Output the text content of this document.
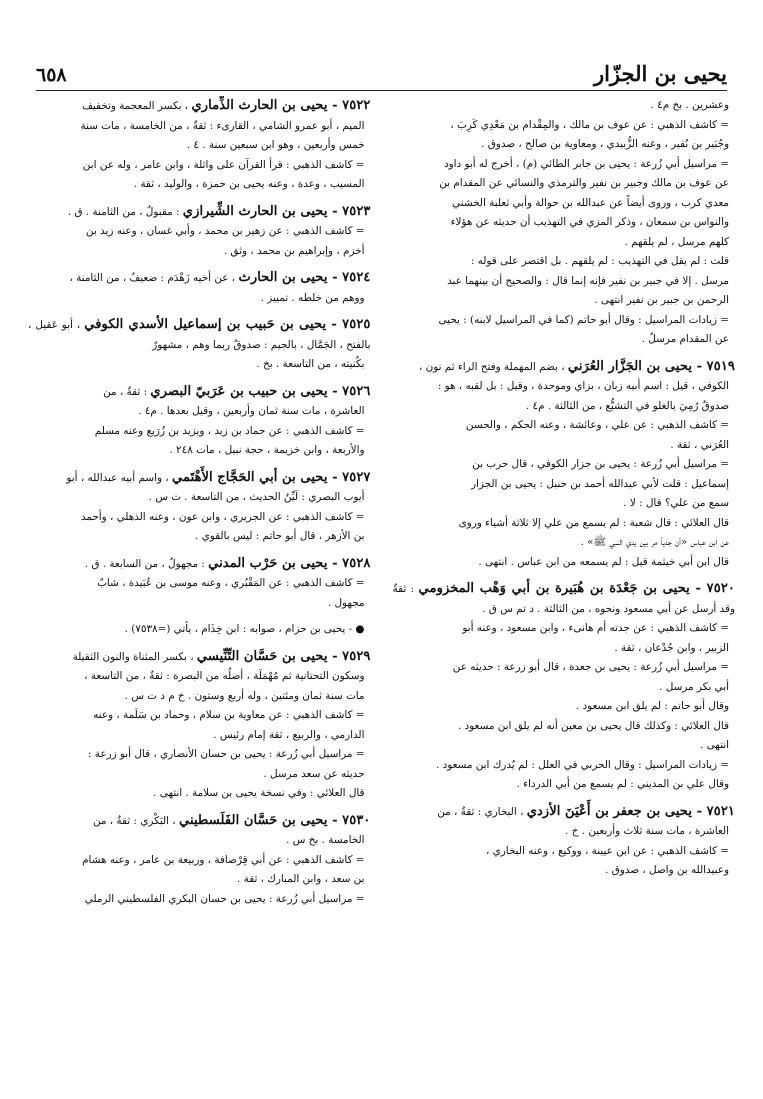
يحيى بن الجزّار
٦٥٨

وعشرين . بخ م٤ .

= كاشف الذهبي : عن عوف بن مالك ، والمِقْدام بن مَعْدِي كَرِبَ ،

وجُبَير بن نُفير ، وعنه الزُّبيدي ، ومعاوية بن صالح ، صدوق .

= مراسيل أبي زُرعة : يحيى بن جابر الطائي (م) ، أخرج له أبو داود

عن عوف بن مالك وجبير بن نفير والترمذي والنسائي عن المقدام بن

معدي كرب ، وروى أيضاً عن عبدالله بن حوالة وأبي ثعلبة الخشني

والنواس بن سمعان ، وذكر المزي في التهذيب أن حديثه عن هؤلاء

كلهم مرسل ، لم يلقهم .

قلت : لم يقل في التهذيب : لم يلقهم . بل اقتصر على قوله :

مرسل . إلا في جبير بن نفير فإنه إنما قال : والصحيح أن بينهما عبد

الرحمن بن جبير بن نفير انتهى .

= زيادات المراسيل : وقال أبو حاتم (كما في المراسيل لابنه) : يحيى

عن المقدام مرسلٌ .

٧٥١٩ - يحيى بن الجَزَّار العُرَني ، بضم المهملة وفتح الراء ثم نون ،

الكوفي ، قيل : اسم أبيه زبان ، بزاي وموحدة ، وقيل : بل لقبه ، هو :

صدوقٌ رُمِيَ بالغلو في التشيُّع ، من الثالثة . م٤ .

= كاشف الذهبي : عن علي ، وعائشة ، وعنه الحكم ، والحسن

العُرَني ، ثقة .

= مراسيل أبي زُرعة : يحيى بن جزار الكوفي ، قال حرب بن

إسماعيل : قلت لأبي عبدالله أحمد بن حنبل : يحيى بن الجزار

سمع من علي؟ قال : لا .

قال العلائي : قال شعبة : لم يسمع من علي إلا ثلاثة أشياء وروى

عن ابن عباس «أن جدياً مر بين يدي النبي ﷺ» .

قال ابن أبي خيثمة قيل : لم يسمعه من ابن عباس . انتهى .

٧٥٢٠ - يحيى بن جَعْدَة بن هُبَيرة بن أبي وَهْب المخزومي : ثقةٌ وقد أرسل عن أبي مسعود ونحوه ، من الثالثة . د تم س ق .

= كاشف الذهبي : عن جدته أم هانىء ، وابن مسعود ، وعنه أبو

الزبير ، وابن جُدْعان ، ثقة .

= مراسيل أبي زُرعة : يحيى بن جعدة ، قال أبو زرعة : حديثه عن

أبي بكر مرسل .

وقال أبو حاتم : لم يلق ابن مسعود .

قال العلائي : وكذلك قال يحيى بن معين أنه لم يلق ابن مسعود .

انتهى .

= زيادات المراسيل : وقال الحربي في العلل : لم يُدرك ابن مسعود .

وقال علي بن المديني : لم يسمع من أبي الدرداء .

٧٥٢١ - يحيى بن جعفر بن أَعْيَنَ الأزدي ، البخاري : ثقةٌ ، من

العاشرة ، مات سنة ثلاث وأربعين . خ .

= كاشف الذهبي : عن ابن عيينة ، ووكيع ، وعنه البخاري ،

وعبيدالله بن واصل ، صدوق .

٧٥٢٢ - يحيى بن الحارث الذِّماري ، بكسر المعجمة وتخفيف

الميم ، أبو عمرو الشامي ، القارىء : ثقةٌ ، من الخامسة ، مات سنة

خمس وأربعين ، وهو ابن سبعين سنة . ٤ .

= كاشف الذهبي : قرأ القرآن على واثلة ، وابن عامر ، وله عن ابن

المسيب ، وعدة ، وعنه يحيى بن حمزة ، والوليد ، ثقة .

٧٥٢٣ - يحيى بن الحارث الشِّيرازي : مقبولٌ ، من الثامنة . ق .

= كاشف الذهبي : عن زهير بن محمد ، وأبي غسان ، وعنه زيد بن

أخزم ، وإبراهيم بن محمد ، وثق .

٧٥٢٤ - يحيى بن الحارث ، عن أخيه زَهْدَم : ضعيفٌ ، من الثامنة ،

ووهم من خلطه . تمييز .

٧٥٢٥ - يحيى بن حَبيب بن إسماعيل الأسدي الكوفي ، أبو عَقيل ، بالفتح ، الجَمَّال ، بالجيم : صدوقٌ ربما وهم ، مشهورٌ

بكُنيته ، من التاسعة . بخ .

٧٥٢٦ - يحيى بن حبيب بن عَرَبيّ البصري : ثقةٌ ، من

العاشرة ، مات سنة ثمان وأربعين ، وقيل بعدها . م٤ .

= كاشف الذهبي : عن حماد بن زيد ، ويزيد بن زُرَيع وعنه مسلم

والأربعة ، وابن خزيمة ، حجة نبيل ، مات ٢٤٨ .

٧٥٢٧ - يحيى بن أبي الحَجَّاج الأَهْتَمي ، واسم أبيه عبدالله ، أبو

أيوب البصري : لَيِّنُ الحديث ، من التاسعة . ت س .

= كاشف الذهبي : عن الجريري ، وابن عون ، وعنه الذهلي ، وأحمد

بن الأزهر ، قال أبو حاتم : ليس بالقوي .

٧٥٢٨ - يحيى بن حَرْب المدني : مجهولٌ ، من السابعة . ق .

= كاشف الذهبي : عن المَقْبُري ، وعنه موسى بن عُبَيدة ، شابٌ

مجهول .

● - يحيى بن حزام ، صوابه : ابن خِذَام ، يأتي (=٧٥٣٨) .

٧٥٢٩ - يحيى بن حَسَّان التِّنِّيسي ، بكسر المثناة والنون الثقيلة

وسكون التحتانية ثم مُهْمَلَة ، أصلُه من البصرة : ثقةٌ ، من التاسعة ،

مات سنة ثمان ومئتين ، وله أربع وستون . خ م د ت س .

= كاشف الذهبي : عن معاوية بن سلام ، وحماد بن سَلَمة ، وعنه

الدارمي ، والربيع ، ثقة إمام رئيس .

= مراسيل أبي زُرعة : يحيى بن حسان الأنصاري ، قال أبو زرعة :

حديثه عن سعد مرسل .

قال العلائي : وفي نسخة يحيى بن سلامة . انتهى .

٧٥٣٠ - يحيى بن حَسَّان الفَلَسطيني ، البَكْري : ثقةٌ ، من

الخامسة . بخ س .

= كاشف الذهبي : عن أبي قِرْصافة ، وربيعة بن عامر ، وعنه هشام

بن سعد ، وابن المبارك ، ثقة .

= مراسيل أبي زُرعة : يحيى بن حسان البكري الفلسطيني الرملي
